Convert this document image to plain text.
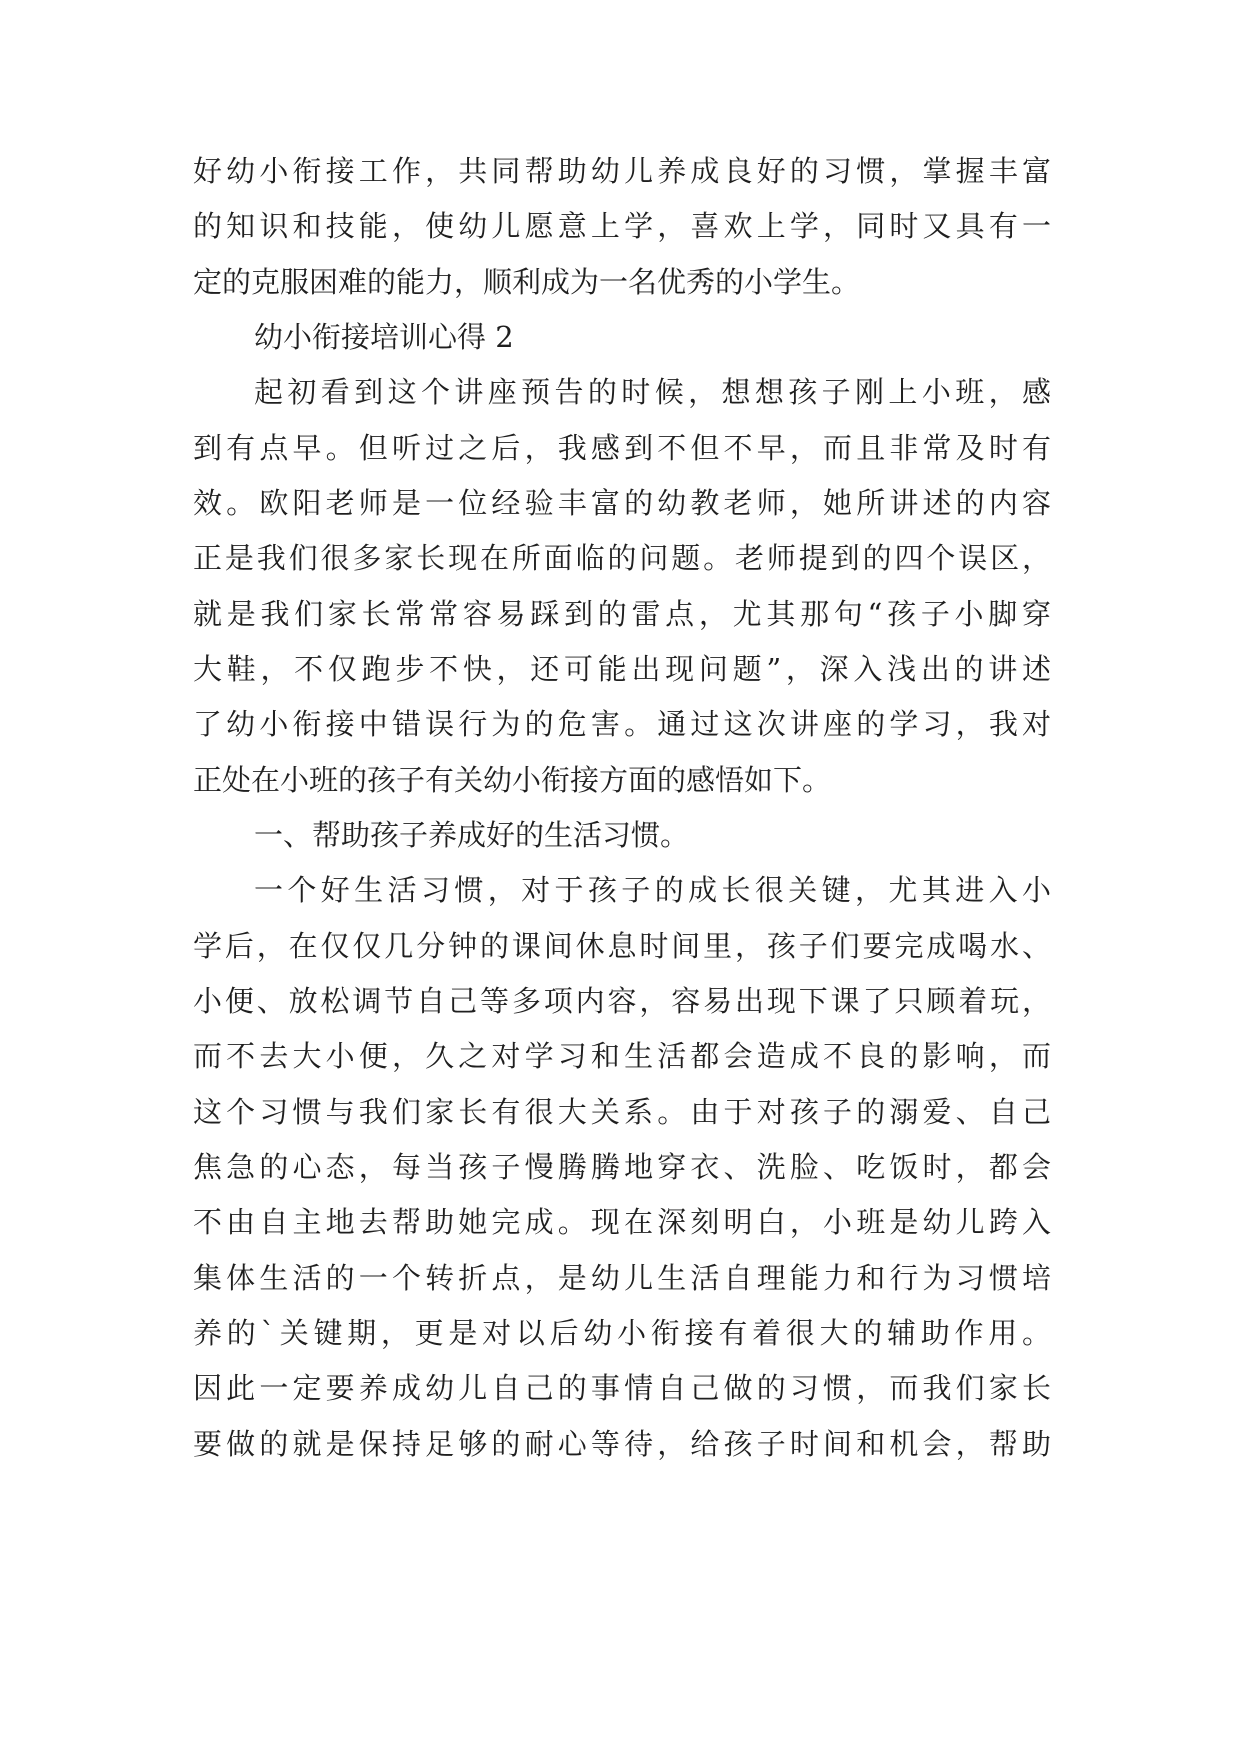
好幼小衔接工作，共同帮助幼儿养成良好的习惯，掌握丰富
的知识和技能，使幼儿愿意上学，喜欢上学，同时又具有一
定的克服困难的能力，顺利成为一名优秀的小学生。
幼小衔接培训心得 2
起初看到这个讲座预告的时候，想想孩子刚上小班，感
到有点早。但听过之后，我感到不但不早，而且非常及时有
效。欧阳老师是一位经验丰富的幼教老师，她所讲述的内容
正是我们很多家长现在所面临的问题。老师提到的四个误区，
就是我们家长常常容易踩到的雷点，尤其那句“孩子小脚穿
大鞋，不仅跑步不快，还可能出现问题”，深入浅出的讲述
了幼小衔接中错误行为的危害。通过这次讲座的学习，我对
正处在小班的孩子有关幼小衔接方面的感悟如下。
一、帮助孩子养成好的生活习惯。
一个好生活习惯，对于孩子的成长很关键，尤其进入小
学后，在仅仅几分钟的课间休息时间里，孩子们要完成喝水、
小便、放松调节自己等多项内容，容易出现下课了只顾着玩，
而不去大小便，久之对学习和生活都会造成不良的影响，而
这个习惯与我们家长有很大关系。由于对孩子的溺爱、自己
焦急的心态，每当孩子慢腾腾地穿衣、洗脸、吃饭时，都会
不由自主地去帮助她完成。现在深刻明白，小班是幼儿跨入
集体生活的一个转折点，是幼儿生活自理能力和行为习惯培
养的`关键期，更是对以后幼小衔接有着很大的辅助作用。
因此一定要养成幼儿自己的事情自己做的习惯，而我们家长
要做的就是保持足够的耐心等待，给孩子时间和机会，帮助
